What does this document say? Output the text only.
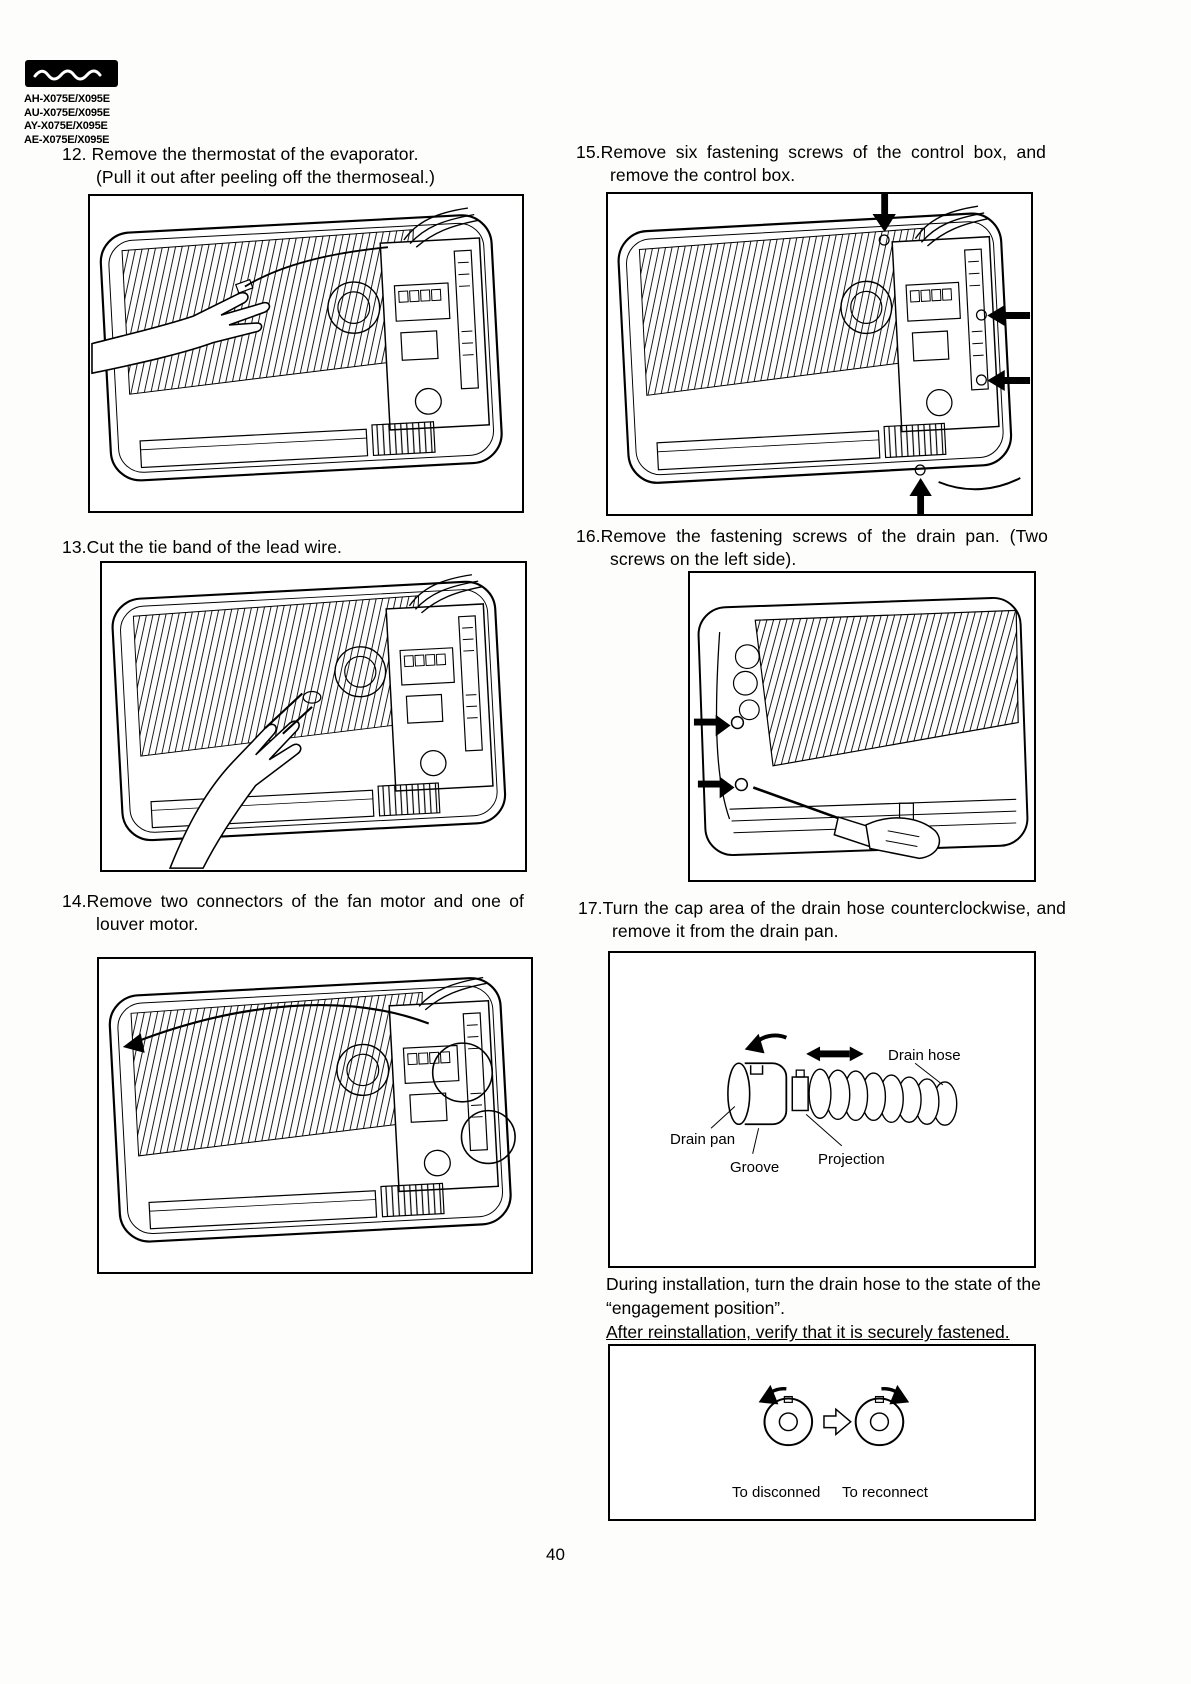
AH-X075E/X095E
AU-X075E/X095E
AY-X075E/X095E
AE-X075E/X095E
12. Remove the thermostat of the evaporator.
(Pull it out after peeling off the thermoseal.)
13.Cut the tie band of the lead wire.
14.Remove two connectors of the fan motor and one of louver motor.
15.Remove six fastening screws of the control box, and remove the control box.
16.Remove the fastening screws of the drain pan. (Two screws on the left side).
17.Turn the cap area of the drain hose counterclockwise, and remove it from the drain pan.
Drain hose
Drain pan
Groove	Projection
During installation, turn the drain hose to the state of the
“engagement position”.
After reinstallation, verify that it is securely fastened.
To disconned To reconnect
40
